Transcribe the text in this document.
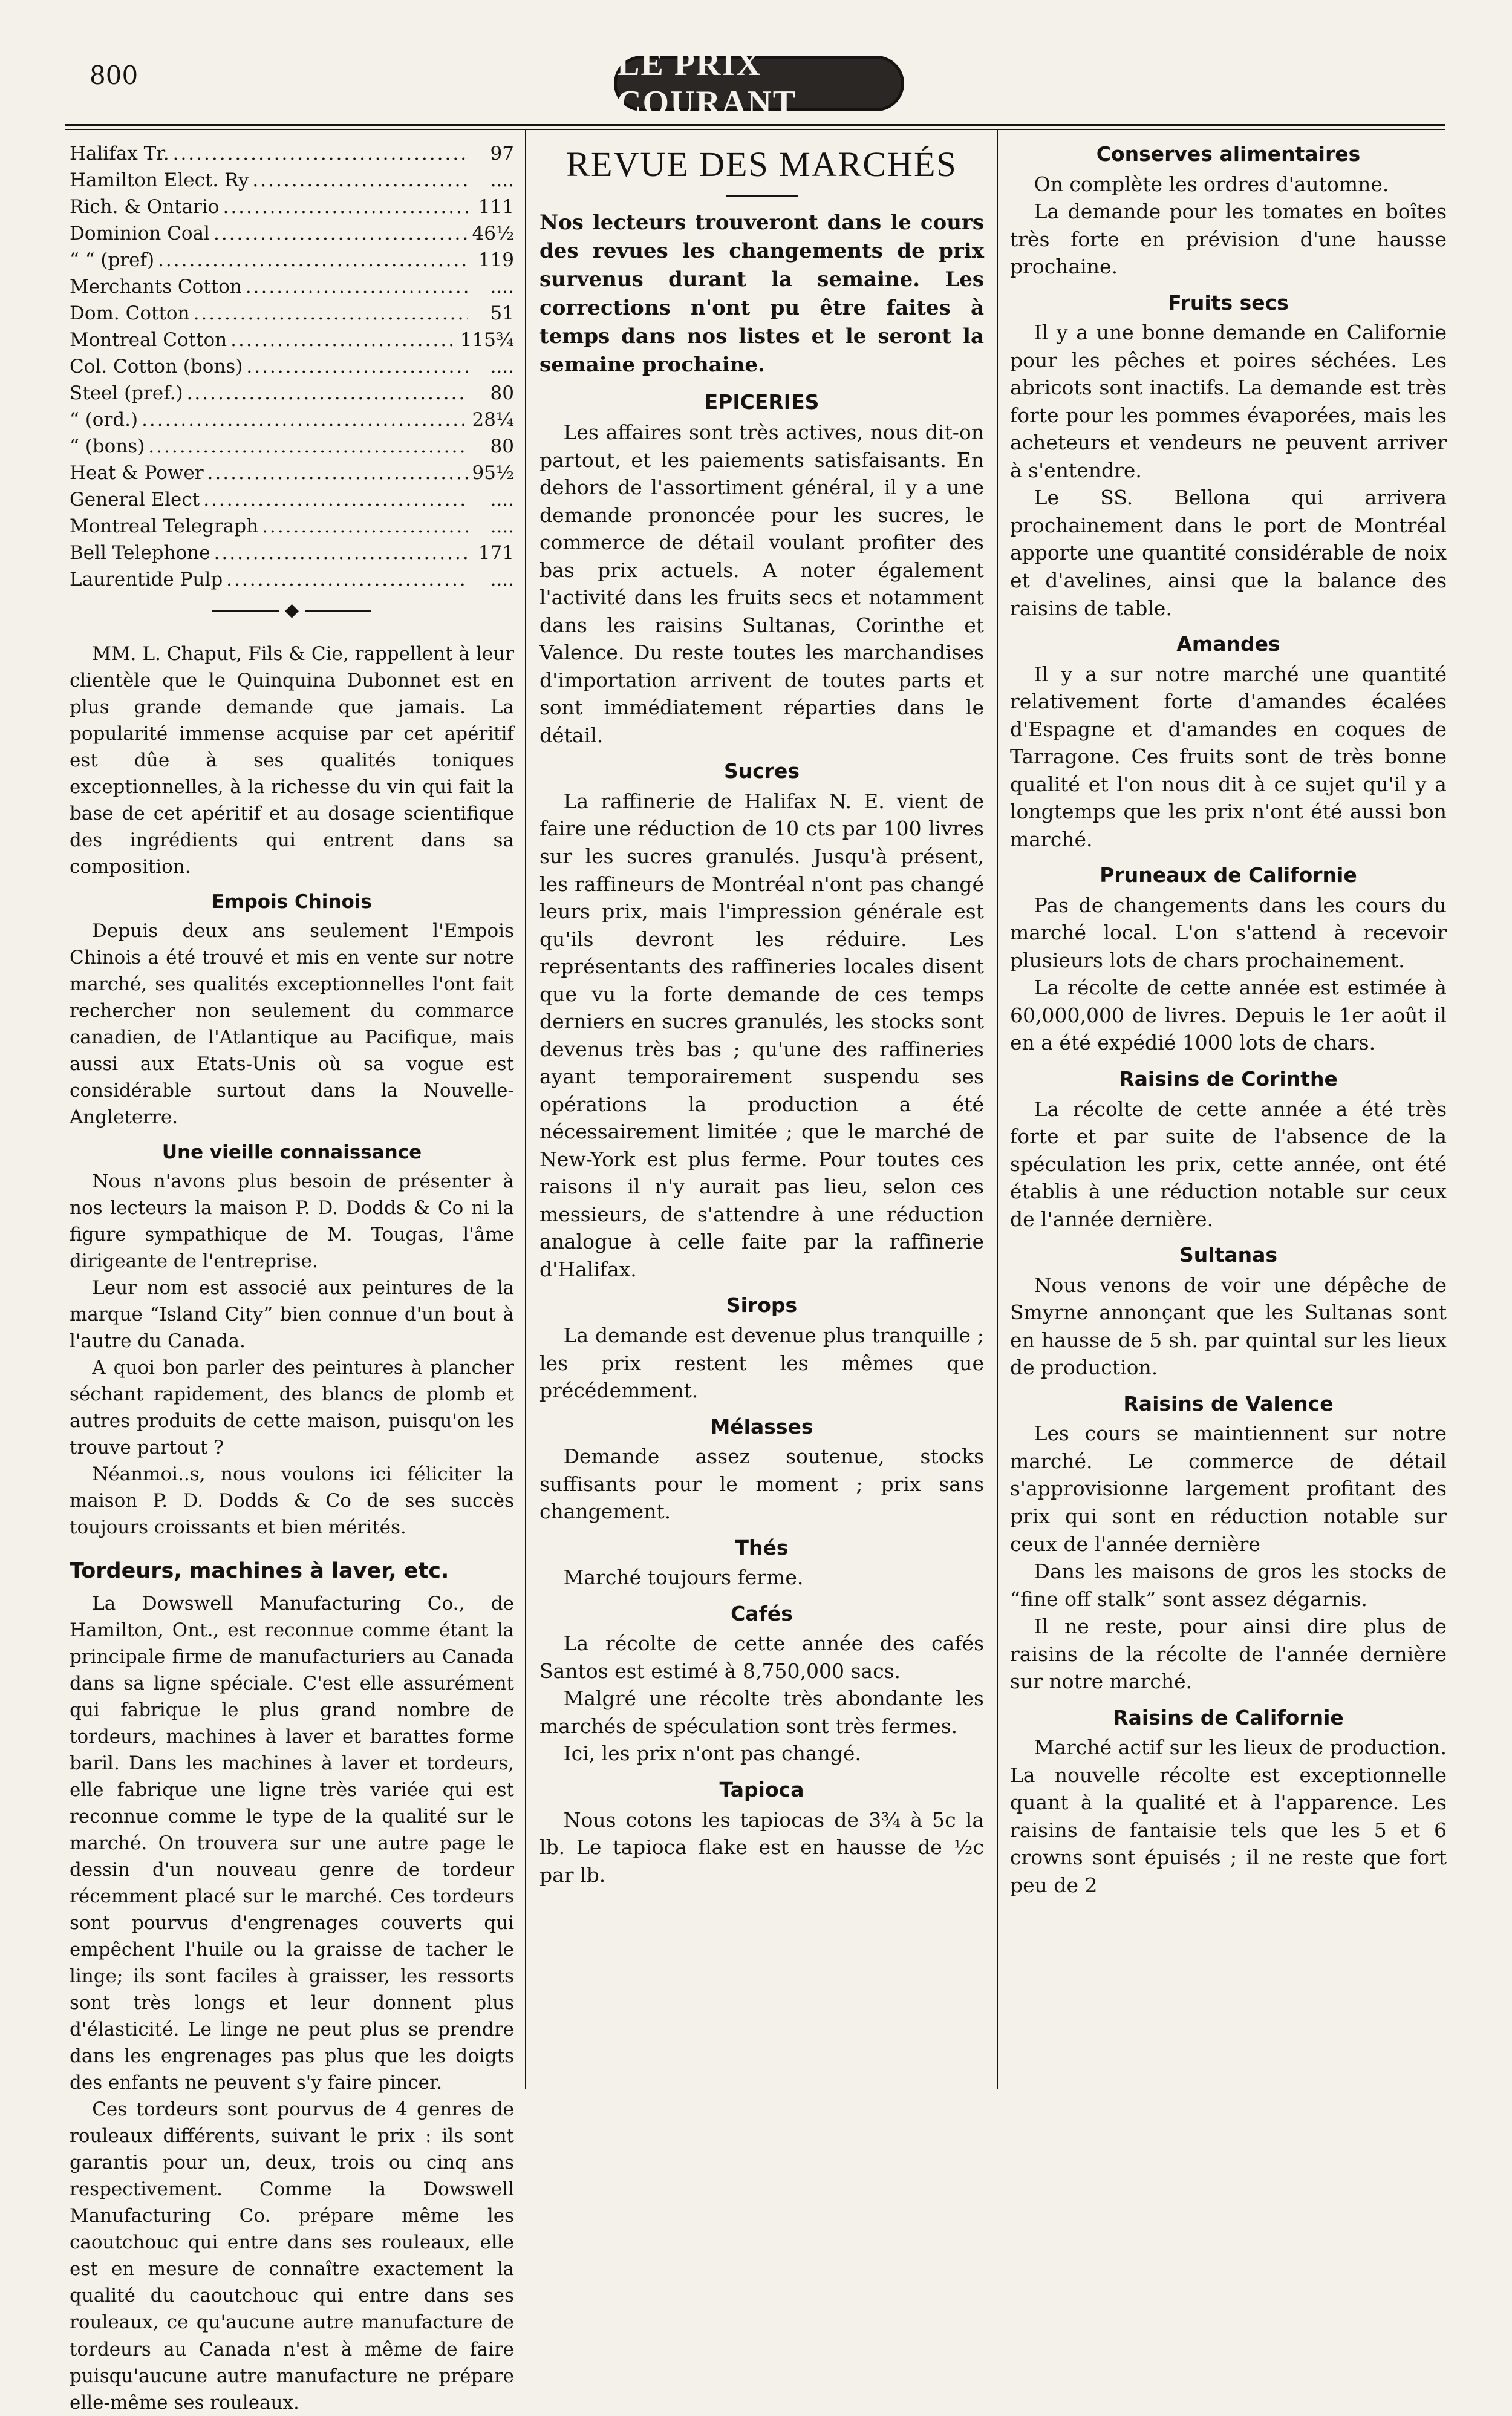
800	LE PRIX COURANT
Halifax Tr. .....	97
Hamilton Elect. Ry .....	....
Rich. & Ontario .....	111
Dominion Coal .....	46½
“ “ (pref) .....	119
Merchants Cotton .....	....
Dom. Cotton .....	51
Montreal Cotton .....	115¾
Col. Cotton (bons) .....	....
Steel (pref.) .....	80
“ (ord.) .....	28¼
“ (bons) .....	80
Heat & Power .....	95½
General Elect .....	....
Montreal Telegraph .....	....
Bell Telephone .....	171
Laurentide Pulp .....	....
◆

MM. L. Chaput, Fils & Cie, rappellent à leur clientèle que le Quinquina Dubonnet est en plus grande demande que jamais. La popularité immense acquise par cet apéritif est dûe à ses qualités toniques exceptionnelles, à la richesse du vin qui fait la base de cet apéritif et au dosage scientifique des ingrédients qui entrent dans sa composition.

Empois Chinois

Depuis deux ans seulement l'Empois Chinois a été trouvé et mis en vente sur notre marché, ses qualités exceptionnelles l'ont fait rechercher non seulement du commarce canadien, de l'Atlantique au Pacifique, mais aussi aux Etats-Unis où sa vogue est considérable surtout dans la Nouvelle-Angleterre.

Une vieille connaissance

Nous n'avons plus besoin de présenter à nos lecteurs la maison P. D. Dodds & Co ni la figure sympathique de M. Tougas, l'âme dirigeante de l'entreprise.

Leur nom est associé aux peintures de la marque “Island City” bien connue d'un bout à l'autre du Canada.

A quoi bon parler des peintures à plancher séchant rapidement, des blancs de plomb et autres produits de cette maison, puisqu'on les trouve partout ?

Néanmoi..s, nous voulons ici féliciter la maison P. D. Dodds & Co de ses succès toujours croissants et bien mérités.

Tordeurs, machines à laver, etc.

La Dowswell Manufacturing Co., de Hamilton, Ont., est reconnue comme étant la principale firme de manufacturiers au Canada dans sa ligne spéciale. C'est elle assurément qui fabrique le plus grand nombre de tordeurs, machines à laver et barattes forme baril. Dans les machines à laver et tordeurs, elle fabrique une ligne très variée qui est reconnue comme le type de la qualité sur le marché. On trouvera sur une autre page le dessin d'un nouveau genre de tordeur récemment placé sur le marché. Ces tordeurs sont pourvus d'engrenages couverts qui empêchent l'huile ou la graisse de tacher le linge; ils sont faciles à graisser, les ressorts sont très longs et leur donnent plus d'élasticité. Le linge ne peut plus se prendre dans les engrenages pas plus que les doigts des enfants ne peuvent s'y faire pincer.

Ces tordeurs sont pourvus de 4 genres de rouleaux différents, suivant le prix : ils sont garantis pour un, deux, trois ou cinq ans respectivement. Comme la Dowswell Manufacturing Co. prépare même les caoutchouc qui entre dans ses rouleaux, elle est en mesure de connaître exactement la qualité du caoutchouc qui entre dans ses rouleaux, ce qu'aucune autre manufacture de tordeurs au Canada n'est à même de faire puisqu'aucune autre manufacture ne prépare elle-même ses rouleaux.

REVUE DES MARCHÉS

Nos lecteurs trouveront dans le cours des revues les changements de prix survenus durant la semaine. Les corrections n'ont pu être faites à temps dans nos listes et le seront la semaine prochaine.

EPICERIES

Les affaires sont très actives, nous dit-on partout, et les paiements satisfaisants. En dehors de l'assortiment général, il y a une demande prononcée pour les sucres, le commerce de détail voulant profiter des bas prix actuels. A noter également l'activité dans les fruits secs et notamment dans les raisins Sultanas, Corinthe et Valence. Du reste toutes les marchandises d'importation arrivent de toutes parts et sont immédiatement réparties dans le détail.

Sucres

La raffinerie de Halifax N. E. vient de faire une réduction de 10 cts par 100 livres sur les sucres granulés. Jusqu'à présent, les raffineurs de Montréal n'ont pas changé leurs prix, mais l'impression générale est qu'ils devront les réduire. Les représentants des raffineries locales disent que vu la forte demande de ces temps derniers en sucres granulés, les stocks sont devenus très bas ; qu'une des raffineries ayant temporairement suspendu ses opérations la production a été nécessairement limitée ; que le marché de New-York est plus ferme. Pour toutes ces raisons il n'y aurait pas lieu, selon ces messieurs, de s'attendre à une réduction analogue à celle faite par la raffinerie d'Halifax.

Sirops

La demande est devenue plus tranquille ; les prix restent les mêmes que précédemment.

Mélasses

Demande assez soutenue, stocks suffisants pour le moment ; prix sans changement.

Thés

Marché toujours ferme.

Cafés

La récolte de cette année des cafés Santos est estimé à 8,750,000 sacs.

Malgré une récolte très abondante les marchés de spéculation sont très fermes.

Ici, les prix n'ont pas changé.

Tapioca

Nous cotons les tapiocas de 3¾ à 5c la lb. Le tapioca flake est en hausse de ½c par lb.

Conserves alimentaires

On complète les ordres d'automne.

La demande pour les tomates en boîtes très forte en prévision d'une hausse prochaine.

Fruits secs

Il y a une bonne demande en Californie pour les pêches et poires séchées. Les abricots sont inactifs. La demande est très forte pour les pommes évaporées, mais les acheteurs et vendeurs ne peuvent arriver à s'entendre.

Le SS. Bellona qui arrivera prochainement dans le port de Montréal apporte une quantité considérable de noix et d'avelines, ainsi que la balance des raisins de table.

Amandes

Il y a sur notre marché une quantité relativement forte d'amandes écalées d'Espagne et d'amandes en coques de Tarragone. Ces fruits sont de très bonne qualité et l'on nous dit à ce sujet qu'il y a longtemps que les prix n'ont été aussi bon marché.

Pruneaux de Californie

Pas de changements dans les cours du marché local. L'on s'attend à recevoir plusieurs lots de chars prochainement.

La récolte de cette année est estimée à 60,000,000 de livres. Depuis le 1er août il en a été expédié 1000 lots de chars.

Raisins de Corinthe

La récolte de cette année a été très forte et par suite de l'absence de la spéculation les prix, cette année, ont été établis à une réduction notable sur ceux de l'année dernière.

Sultanas

Nous venons de voir une dépêche de Smyrne annonçant que les Sultanas sont en hausse de 5 sh. par quintal sur les lieux de production.

Raisins de Valence

Les cours se maintiennent sur notre marché. Le commerce de détail s'approvisionne largement profitant des prix qui sont en réduction notable sur ceux de l'année dernière

Dans les maisons de gros les stocks de “fine off stalk” sont assez dégarnis.

Il ne reste, pour ainsi dire plus de raisins de la récolte de l'année dernière sur notre marché.

Raisins de Californie

Marché actif sur les lieux de production. La nouvelle récolte est exceptionnelle quant à la qualité et à l'apparence. Les raisins de fantaisie tels que les 5 et 6 crowns sont épuisés ; il ne reste que fort peu de 2
